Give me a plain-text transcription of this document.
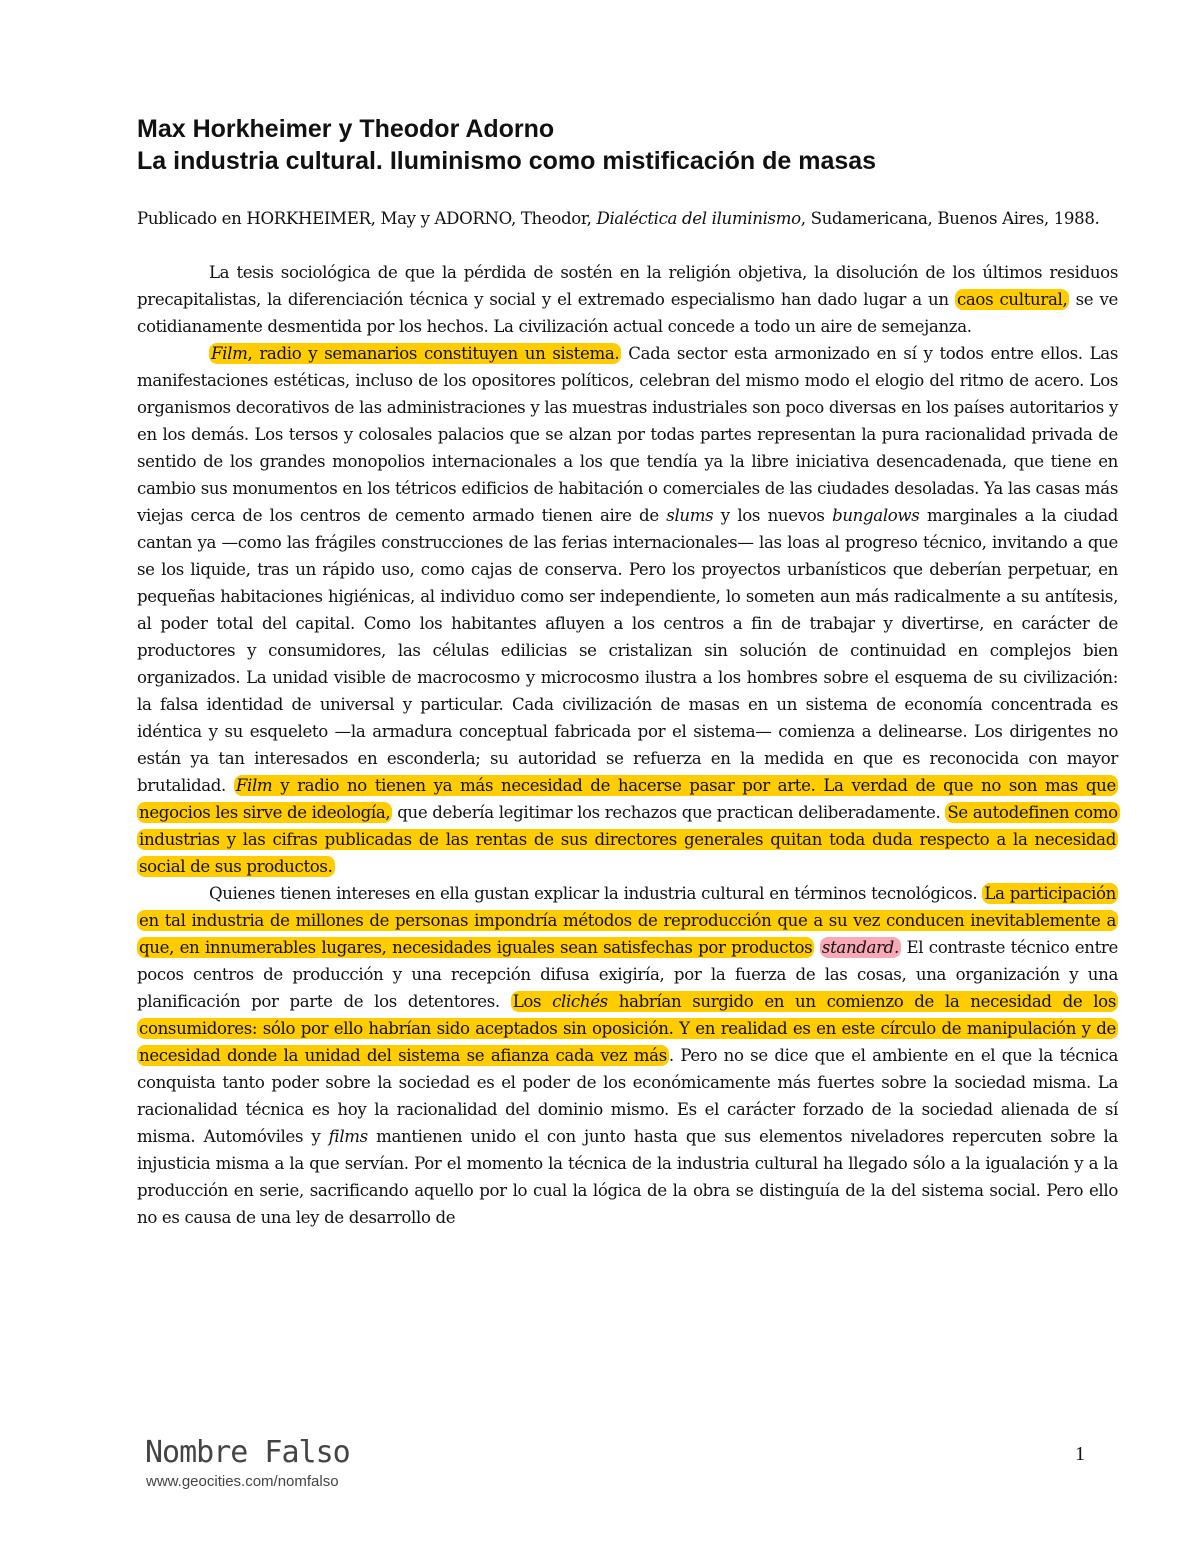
Max Horkheimer y Theodor Adorno
La industria cultural. Iluminismo como mistificación de masas

Publicado en HORKHEIMER, May y ADORNO, Theodor, Dialéctica del iluminismo, Sudamericana, Buenos Aires, 1988.

La tesis sociológica de que la pérdida de sostén en la religión objetiva, la disolución de los últimos residuos precapitalistas, la diferenciación técnica y social y el extremado especialismo han dado lugar a un caos cultural, se ve cotidianamente desmentida por los hechos. La civilización actual concede a todo un aire de semejanza.

Film, radio y semanarios constituyen un sistema. Cada sector esta armonizado en sí y todos entre ellos. Las manifestaciones estéticas, incluso de los opositores políticos, celebran del mismo modo el elogio del ritmo de acero. Los organismos decorativos de las administraciones y las muestras industriales son poco diversas en los países autoritarios y en los demás. Los tersos y colosales palacios que se alzan por todas partes representan la pura racionalidad privada de sentido de los grandes monopolios internacionales a los que tendía ya la libre iniciativa desencadenada, que tiene en cambio sus monumentos en los tétricos edificios de habitación o comerciales de las ciudades desoladas. Ya las casas más viejas cerca de los centros de cemento armado tienen aire de slums y los nuevos bungalows marginales a la ciudad cantan ya —como las frágiles construcciones de las ferias internacionales— las loas al progreso técnico, invitando a que se los liquide, tras un rápido uso, como cajas de conserva. Pero los proyectos urbanísticos que deberían perpetuar, en pequeñas habitaciones higiénicas, al individuo como ser independiente, lo someten aun más radicalmente a su antítesis, al poder total del capital. Como los habitantes afluyen a los centros a fin de trabajar y divertirse, en carácter de productores y consumidores, las células edilicias se cristalizan sin solución de continuidad en complejos bien organizados. La unidad visible de macrocosmo y microcosmo ilustra a los hombres sobre el esquema de su civilización: la falsa identidad de universal y particular. Cada civilización de masas en un sistema de economía concentrada es idéntica y su esqueleto —la armadura conceptual fabricada por el sistema— comienza a delinearse. Los dirigentes no están ya tan interesados en esconderla; su autoridad se refuerza en la medida en que es reconocida con mayor brutalidad. Film y radio no tienen ya más necesidad de hacerse pasar por arte. La verdad de que no son mas que negocios les sirve de ideología, que debería legitimar los rechazos que practican deliberadamente. Se autodefinen como industrias y las cifras publicadas de las rentas de sus directores generales quitan toda duda respecto a la necesidad social de sus productos.

Quienes tienen intereses en ella gustan explicar la industria cultural en términos tecnológicos. La participación en tal industria de millones de personas impondría métodos de reproducción que a su vez conducen inevitablemente a que, en innumerables lugares, necesidades iguales sean satisfechas por productos standard. El contraste técnico entre pocos centros de producción y una recepción difusa exigiría, por la fuerza de las cosas, una organización y una planificación por parte de los detentores. Los clichés habrían surgido en un comienzo de la necesidad de los consumidores: sólo por ello habrían sido aceptados sin oposición. Y en realidad es en este círculo de manipulación y de necesidad donde la unidad del sistema se afianza cada vez más . Pero no se dice que el ambiente en el que la técnica conquista tanto poder sobre la sociedad es el poder de los económicamente más fuertes sobre la sociedad misma. La racionalidad técnica es hoy la racionalidad del dominio mismo. Es el carácter forzado de la sociedad alienada de sí misma. Automóviles y films mantienen unido el con junto hasta que sus elementos niveladores repercuten sobre la injusticia misma a la que servían. Por el momento la técnica de la industria cultural ha llegado sólo a la igualación y a la producción en serie, sacrificando aquello por lo cual la lógica de la obra se distinguía de la del sistema social. Pero ello no es causa de una ley de desarrollo de

Nombre Falso
www.geocities.com/nomfalso
1
